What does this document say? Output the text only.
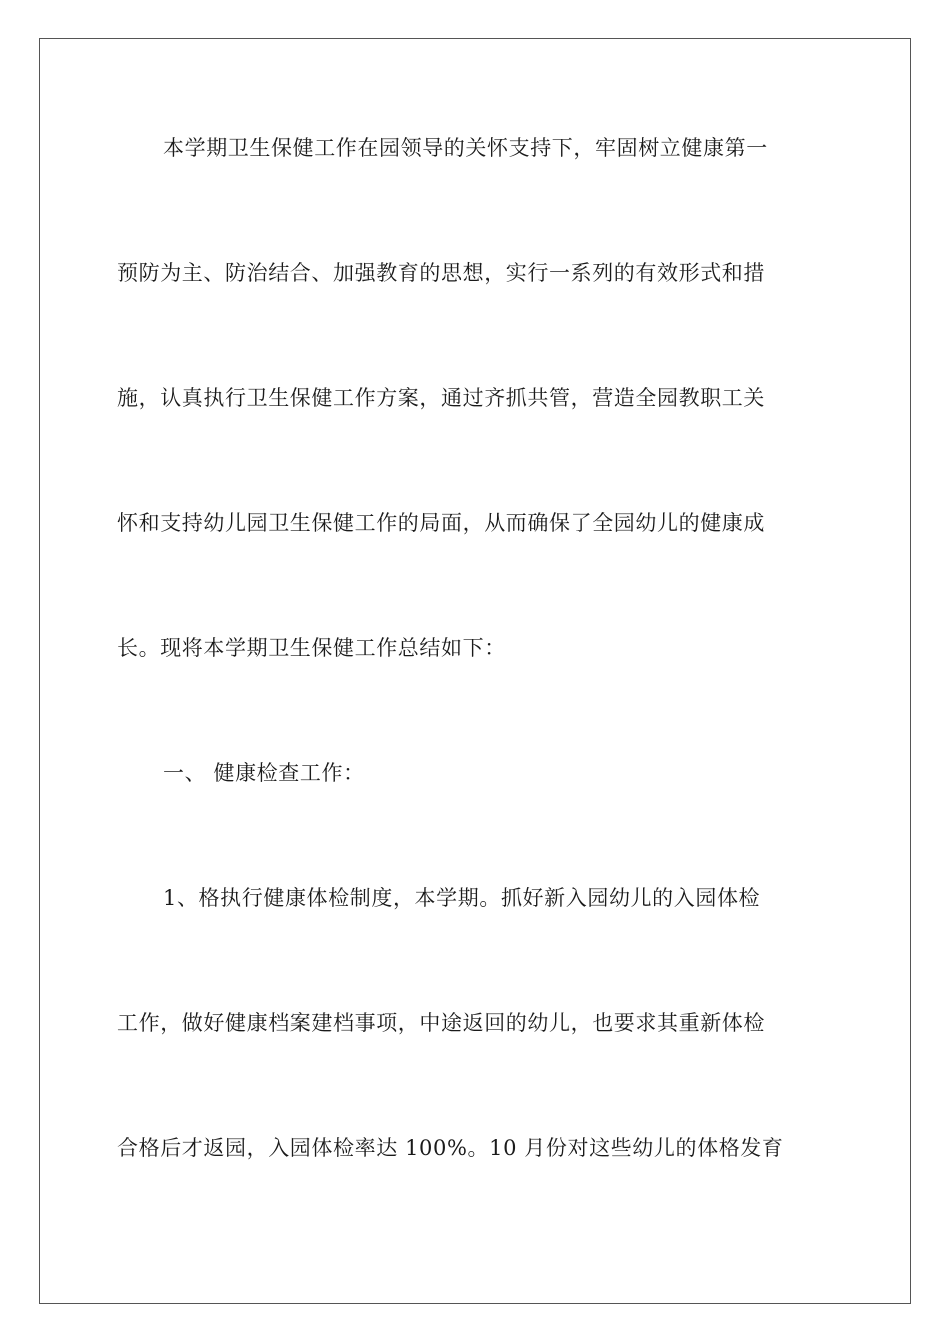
本学期卫生保健工作在园领导的关怀支持下，牢固树立健康第一
预防为主、防治结合、加强教育的思想，实行一系列的有效形式和措
施，认真执行卫生保健工作方案，通过齐抓共管，营造全园教职工关
怀和支持幼儿园卫生保健工作的局面，从而确保了全园幼儿的健康成
长。现将本学期卫生保健工作总结如下：
一、 健康检查工作：
1、格执行健康体检制度，本学期。抓好新入园幼儿的入园体检
工作，做好健康档案建档事项，中途返回的幼儿，也要求其重新体检
合格后才返园，入园体检率达 100%。10 月份对这些幼儿的体格发育
